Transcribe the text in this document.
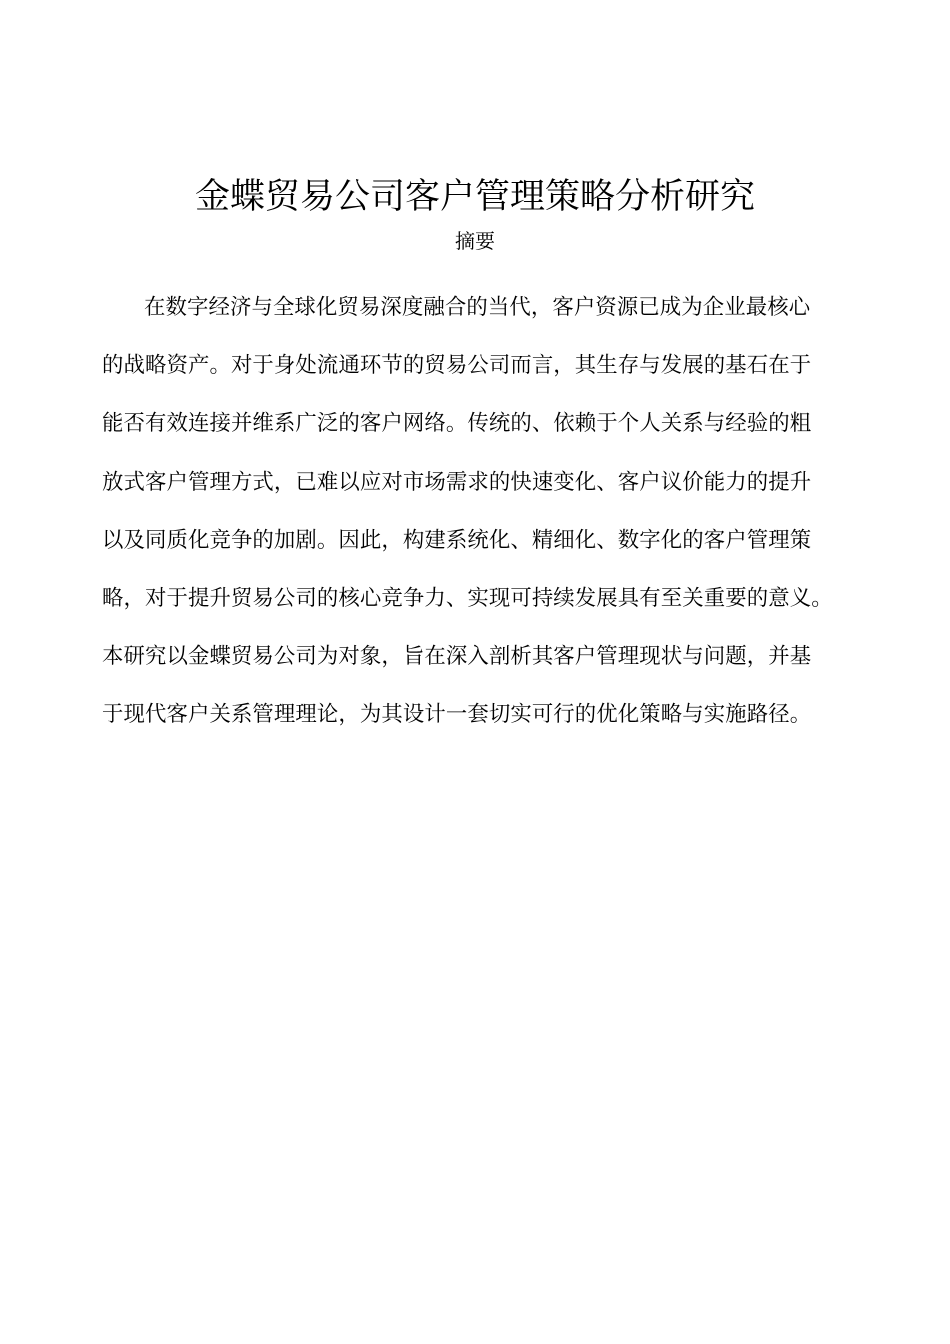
金蝶贸易公司客户管理策略分析研究
摘要
在数字经济与全球化贸易深度融合的当代，客户资源已成为企业最核心
的战略资产。对于身处流通环节的贸易公司而言，其生存与发展的基石在于
能否有效连接并维系广泛的客户网络。传统的、依赖于个人关系与经验的粗
放式客户管理方式，已难以应对市场需求的快速变化、客户议价能力的提升
以及同质化竞争的加剧。因此，构建系统化、精细化、数字化的客户管理策
略，对于提升贸易公司的核心竞争力、实现可持续发展具有至关重要的意义。
本研究以金蝶贸易公司为对象，旨在深入剖析其客户管理现状与问题，并基
于现代客户关系管理理论，为其设计一套切实可行的优化策略与实施路径。
